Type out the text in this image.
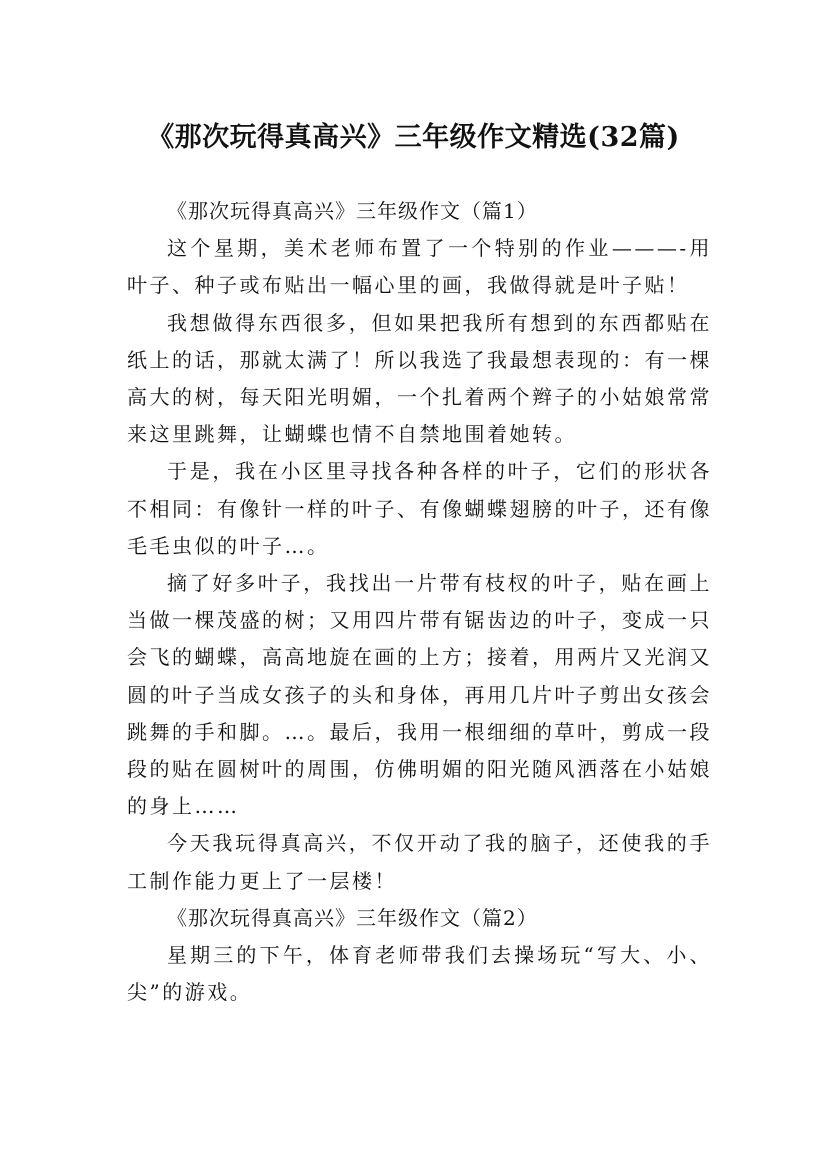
《那次玩得真高兴》三年级作文精选(32篇)

《那次玩得真高兴》三年级作文（篇1）

这个星期，美术老师布置了一个特别的作业———-用叶子、种子或布贴出一幅心里的画，我做得就是叶子贴！

我想做得东西很多，但如果把我所有想到的东西都贴在纸上的话，那就太满了！所以我选了我最想表现的：有一棵高大的树，每天阳光明媚，一个扎着两个辫子的小姑娘常常来这里跳舞，让蝴蝶也情不自禁地围着她转。

于是，我在小区里寻找各种各样的叶子，它们的形状各不相同：有像针一样的叶子、有像蝴蝶翅膀的叶子，还有像毛毛虫似的叶子…。

摘了好多叶子，我找出一片带有枝杈的叶子，贴在画上当做一棵茂盛的树；又用四片带有锯齿边的叶子，变成一只会飞的蝴蝶，高高地旋在画的上方；接着，用两片又光润又圆的叶子当成女孩子的头和身体，再用几片叶子剪出女孩会跳舞的手和脚。…。最后，我用一根细细的草叶，剪成一段段的贴在圆树叶的周围，仿佛明媚的阳光随风洒落在小姑娘的身上……

今天我玩得真高兴，不仅开动了我的脑子，还使我的手工制作能力更上了一层楼！

《那次玩得真高兴》三年级作文（篇2）

星期三的下午，体育老师带我们去操场玩“写大、小、尖”的游戏。
